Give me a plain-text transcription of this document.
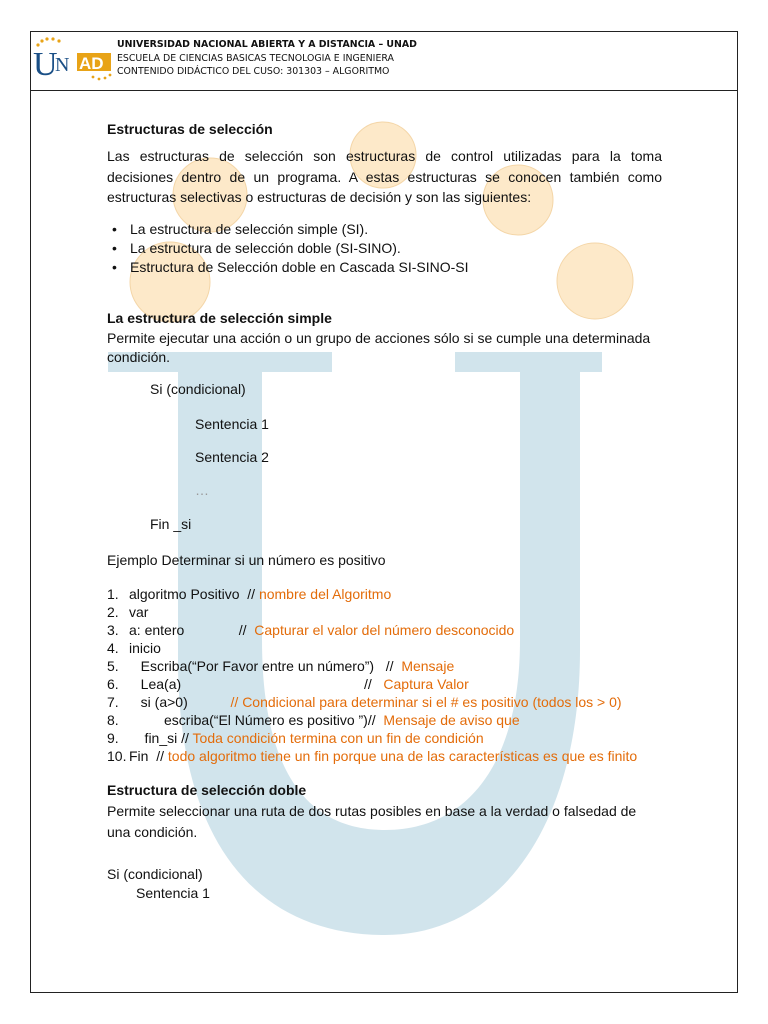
U
N AD
UNIVERSIDAD NACIONAL ABIERTA Y A DISTANCIA – UNAD
ESCUELA DE CIENCIAS BASICAS TECNOLOGIA E INGENIERA
CONTENIDO DIDÁCTICO DEL CUSO: 301303 – ALGORITMO

Estructuras de selección

Las estructuras de selección son estructuras de control utilizadas para la toma decisiones dentro de un programa. A estas estructuras se conocen también como estructuras selectivas o estructuras de decisión y son las siguientes:

• La estructura de selección simple (SI).
• La estructura de selección doble (SI-SINO).
• Estructura de Selección doble en Cascada SI-SINO-SI

La estructura de selección simple

Permite ejecutar una acción o un grupo de acciones sólo si se cumple una determinada condición.

Si (condicional)

Sentencia 1

Sentencia 2

…

Fin _si

Ejemplo Determinar si un número es positivo

1. algoritmo Positivo  // nombre del Algoritmo
2. var
3. a: entero              //  Capturar el valor del número desconocido
4. inicio
5. Escriba(“Por Favor entre un número”)   //  Mensaje
6. Lea(a)                                               //   Captura Valor
7. si (a>0)           // Condicional para determinar si el # es positivo (todos los > 0)
8. escriba(“El Número es positivo ”)//  Mensaje de aviso que
9. fin_si // Toda condición termina con un fin de condición
10. Fin  // todo algoritmo tiene un fin porque una de las características es que es finito

Estructura de selección doble

Permite seleccionar una ruta de dos rutas posibles en base a la verdad o falsedad de una condición.

Si (condicional)

Sentencia 1
